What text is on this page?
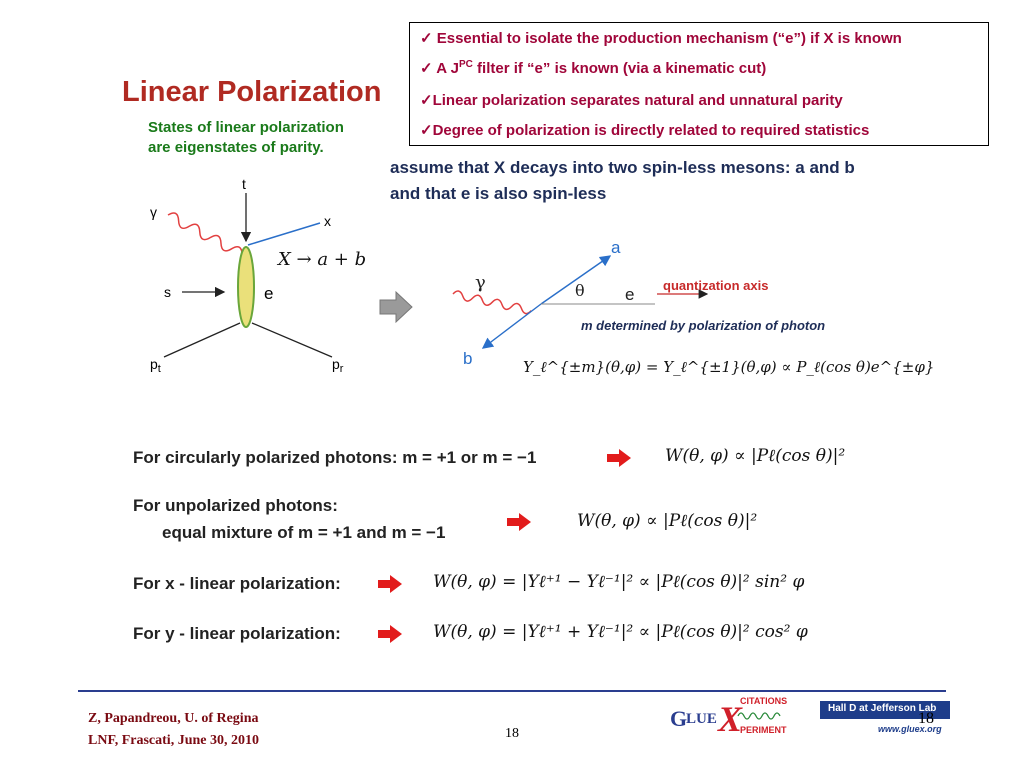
✓ Essential to isolate the production mechanism (“e”) if X is known
✓ A $J^{PC}$ filter if “e” is known (via a kinematic cut)
✓Linear polarization separates natural and unnatural parity
✓Degree of polarization is directly related to required statistics
Linear Polarization
States of linear polarization
are eigenstates of parity.
assume that X decays into two spin-less mesons: a and b
and that e is also spin-less
γ
t
x
s	e
$p_t$	$p_r$
X → a + b
γ
a
b
θ e quantization axis
m determined by polarization of photon
Y_ℓ^{±m}(θ,φ) = Y_ℓ^{±1}(θ,φ) ∝ P_ℓ(cos θ)e^{±φ}
For circularly polarized photons: m = +1 or m = −1	W(θ, φ) ∝ |Pℓ(cos θ)|²
For unpolarized photons:
equal mixture of m = +1 and m = −1
W(θ, φ) ∝ |Pℓ(cos θ)|²
For x - linear polarization:	W(θ, φ) = |Yℓ⁺¹ − Yℓ⁻¹|² ∝ |Pℓ(cos θ)|² sin² φ
For y - linear polarization:	W(θ, φ) = |Yℓ⁺¹ + Yℓ⁻¹|² ∝ |Pℓ(cos θ)|² cos² φ
Z, Papandreou, U. of Regina
LNF, Frascati, June 30, 2010	18
G
LUE X
CITATIONS
PERIMENT
Hall D at Jefferson Lab
18
www.gluex.org
